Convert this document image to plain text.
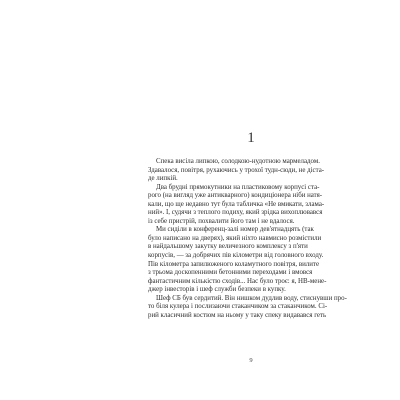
1

Спека висіла липкою, солодкою-нудотною мармеладом.
Здавалося, повітря, рухаючись у трохої тудн-сюди, не діста-
де липкій.

Два брудні прямокутники на пластиковому корпусі ста-
рого (на вигляд уже антикварного) кондиціонера ніби натя-
кали, що ще недавно тут була табличка «Не вмикати, злама-
ний». І, судячи з теплого подиху, який зрідка вихоплювався
із себе пристрій, похвалити його там і не вдалося.

Ми сиділи в конференц-залі номер дев'ятнадцять (так
було написано на дверях), який ніхто навмисно розмістили
в найдальшому закутку величезного комплексу з п'яти
корпусів, — за добрячих пів кілометри від головного входу.
Пів кілометра запилюженого коламутного повітря, вилите
з трьома доскопенними бетонними переходами і вмовся
фантастичним кількістю сходів... Нас було троє: я, НВ-мене-
джер інвесторів і шеф служби безпеки в купку.

Шеф СБ був сердитий. Він нишком дудлив воду, стиснувши про-
то біля кулера і послизаючи стаканчиком за стаканчиком. Сі-
рий класичний костюм на ньому у таку спеку видавався геть

9
